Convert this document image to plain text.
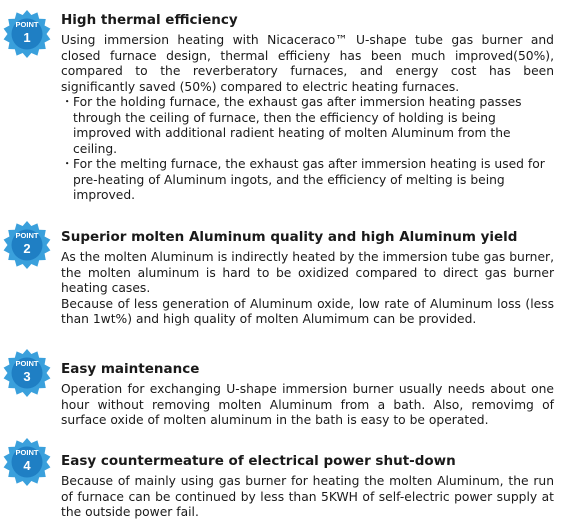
POINT
1
High thermal efficiency

Using immersion heating with Nicaceraco™ U-shape tube gas burner and closed furnace design, thermal efficieny has been much improved(50%), compared to the reverberatory furnaces, and energy cost has been significantly saved (50%) compared to electric heating furnaces.

・For the holding furnace, the exhaust gas after immersion heating passes through the ceiling of furnace, then the efficiency of holding is being improved with additional radient heating of molten Aluminum from the ceiling.

・For the melting furnace, the exhaust gas after immersion heating is used for pre-heating of Aluminum ingots, and the efficiency of melting is being improved.

POINT
2
Superior molten Aluminum quality and high Aluminum yield

As the molten Aluminum is indirectly heated by the immersion tube gas burner, the molten aluminum is hard to be oxidized compared to direct gas burner heating cases.

Because of less generation of Aluminum oxide, low rate of Aluminum loss (less than 1wt%) and high quality of molten Alumimum can be provided.

POINT
3 Easy maintenance

Operation for exchanging U-shape immersion burner usually needs about one hour without removing molten Aluminum from a bath. Also, removimg of surface oxide of molten aluminum in the bath is easy to be operated.

POINT
4 Easy countermeature of electrical power shut-down

Because of mainly using gas burner for heating the molten Aluminum, the run of furnace can be continued by less than 5KWH of self-electric power supply at the outside power fail.
